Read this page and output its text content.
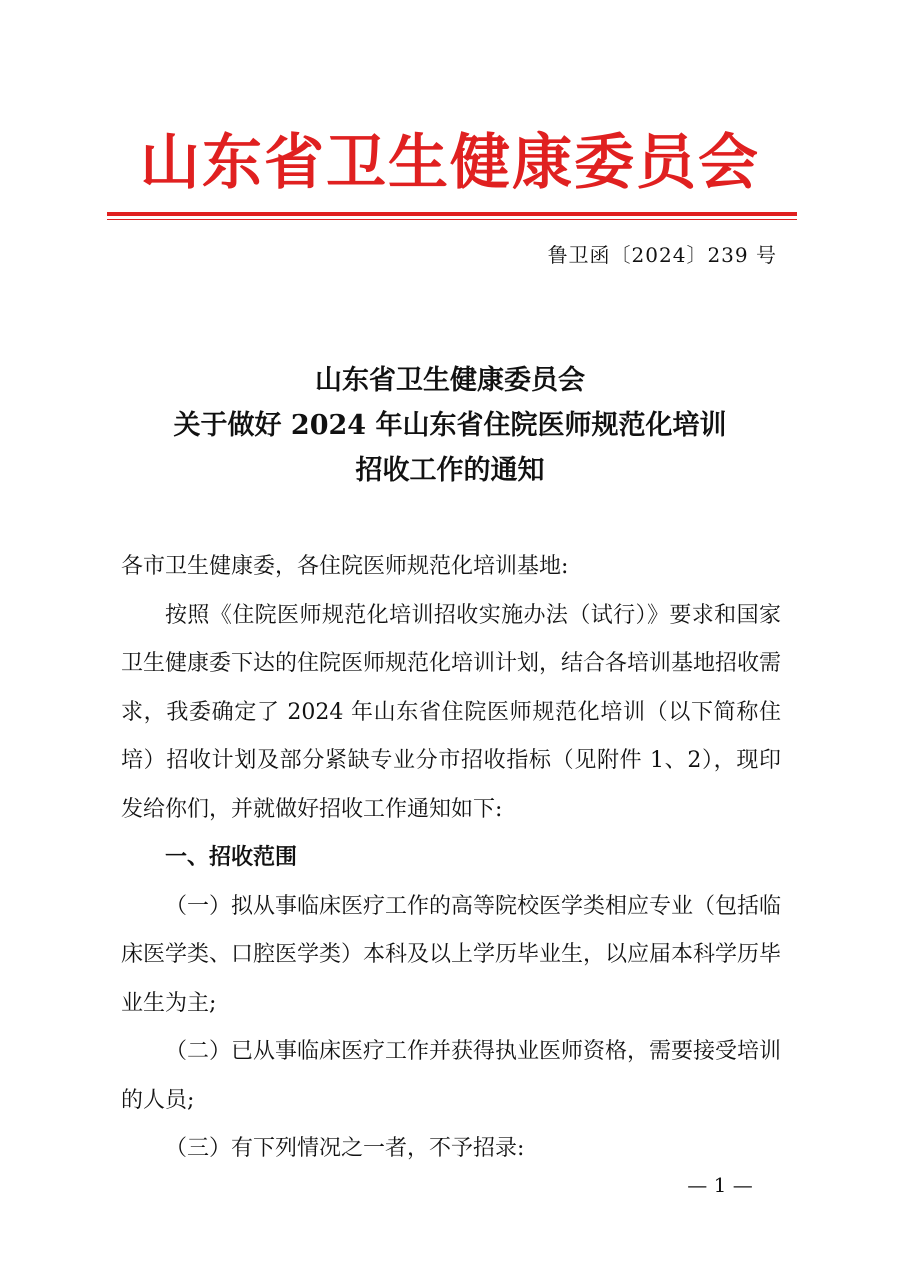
山东省卫生健康委员会
鲁卫函〔2024〕239 号
山东省卫生健康委员会
关于做好 2024 年山东省住院医师规范化培训
招收工作的通知

各市卫生健康委，各住院医师规范化培训基地:

按照《住院医师规范化培训招收实施办法（试行）》要求和国家卫生健康委下达的住院医师规范化培训计划，结合各培训基地招收需求，我委确定了 2024 年山东省住院医师规范化培训（以下简称住培）招收计划及部分紧缺专业分市招收指标（见附件 1、2），现印发给你们，并就做好招收工作通知如下:

一、招收范围

（一）拟从事临床医疗工作的高等院校医学类相应专业（包括临床医学类、口腔医学类）本科及以上学历毕业生，以应届本科学历毕业生为主;

（二）已从事临床医疗工作并获得执业医师资格，需要接受培训的人员;

（三）有下列情况之一者，不予招录:

— 1 —
